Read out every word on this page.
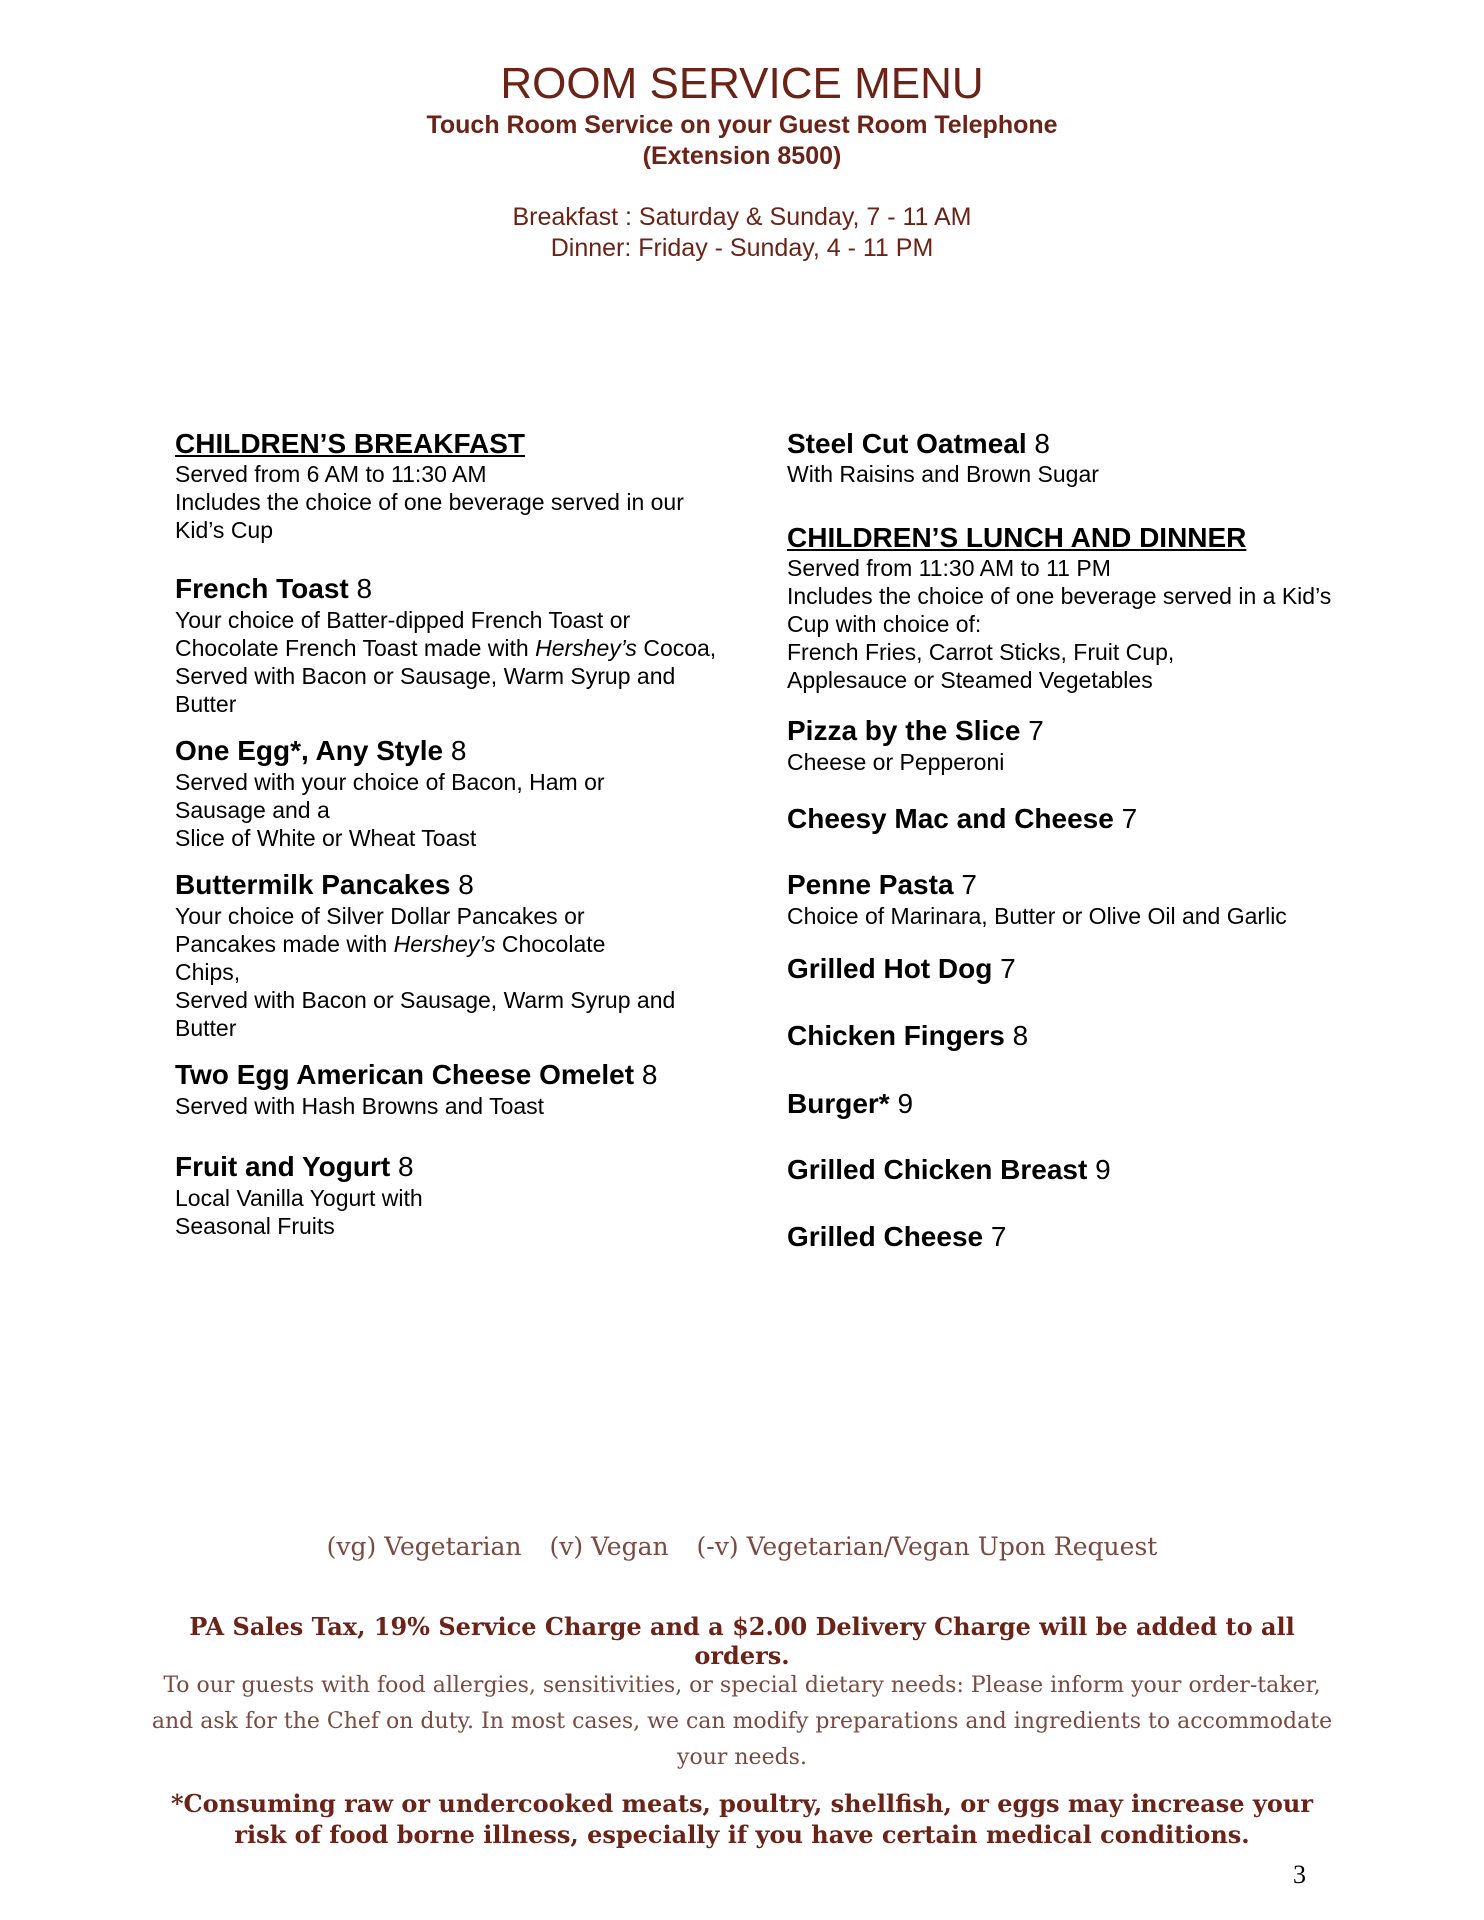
ROOM SERVICE MENU
Touch Room Service on your Guest Room Telephone
(Extension 8500)
Breakfast : Saturday & Sunday, 7 - 11 AM
Dinner: Friday - Sunday, 4 - 11 PM
CHILDREN’S BREAKFAST
Served from 6 AM to 11:30 AM
Includes the choice of one beverage served in our Kid’s Cup
French Toast 8
Your choice of Batter-dipped French Toast or Chocolate French Toast made with Hershey’s Cocoa,
Served with Bacon or Sausage, Warm Syrup and Butter
One Egg*, Any Style 8
Served with your choice of Bacon, Ham or Sausage and a
Slice of White or Wheat Toast
Buttermilk Pancakes 8
Your choice of Silver Dollar Pancakes or Pancakes made with Hershey’s Chocolate Chips,
Served with Bacon or Sausage, Warm Syrup and Butter
Two Egg American Cheese Omelet 8
Served with Hash Browns and Toast
Fruit and Yogurt 8
Local Vanilla Yogurt with
Seasonal Fruits
Steel Cut Oatmeal 8
With Raisins and Brown Sugar
CHILDREN’S LUNCH AND DINNER
Served from 11:30 AM to 11 PM
Includes the choice of one beverage served in a Kid’s Cup with choice of:
French Fries, Carrot Sticks, Fruit Cup, Applesauce or Steamed Vegetables
Pizza by the Slice 7
Cheese or Pepperoni
Cheesy Mac and Cheese 7
Penne Pasta 7
Choice of Marinara, Butter or Olive Oil and Garlic
Grilled Hot Dog 7
Chicken Fingers 8
Burger* 9
Grilled Chicken Breast 9
Grilled Cheese 7
(vg) Vegetarian (v) Vegan (-v) Vegetarian/Vegan Upon Request
PA Sales Tax, 19% Service Charge and a $2.00 Delivery Charge will be added to all orders.
To our guests with food allergies, sensitivities, or special dietary needs: Please inform your order-taker, and ask for the Chef on duty. In most cases, we can modify preparations and ingredients to accommodate your needs.
*Consuming raw or undercooked meats, poultry, shellfish, or eggs may increase your risk of food borne illness, especially if you have certain medical conditions.
3
